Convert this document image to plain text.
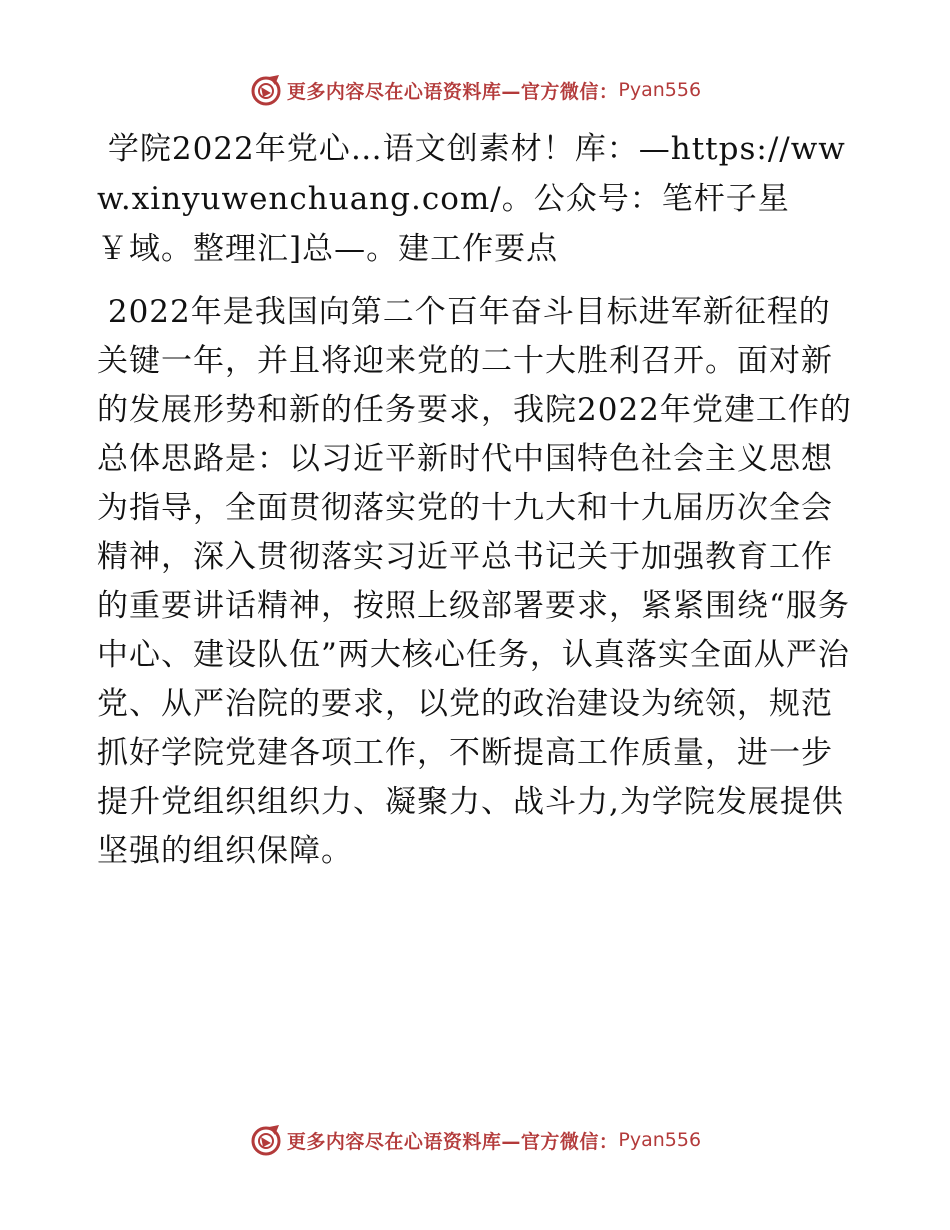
更多内容尽在心语资料库—官方微信： Pyan556

学院2022年党心…语文创素材！库：—https://www.xinyuwenchuang.com/。公众号：笔杆子星￥域。整理汇]总—。建工作要点

2022年是我国向第二个百年奋斗目标进军新征程的关键一年，并且将迎来党的二十大胜利召开。面对新的发展形势和新的任务要求，我院2022年党建工作的总体思路是：以习近平新时代中国特色社会主义思想为指导，全面贯彻落实党的十九大和十九届历次全会精神，深入贯彻落实习近平总书记关于加强教育工作的重要讲话精神，按照上级部署要求，紧紧围绕“服务中心、建设队伍”两大核心任务，认真落实全面从严治党、从严治院的要求，以党的政治建设为统领，规范抓好学院党建各项工作，不断提高工作质量，进一步提升党组织组织力、凝聚力、战斗力,为学院发展提供坚强的组织保障。

更多内容尽在心语资料库—官方微信： Pyan556
